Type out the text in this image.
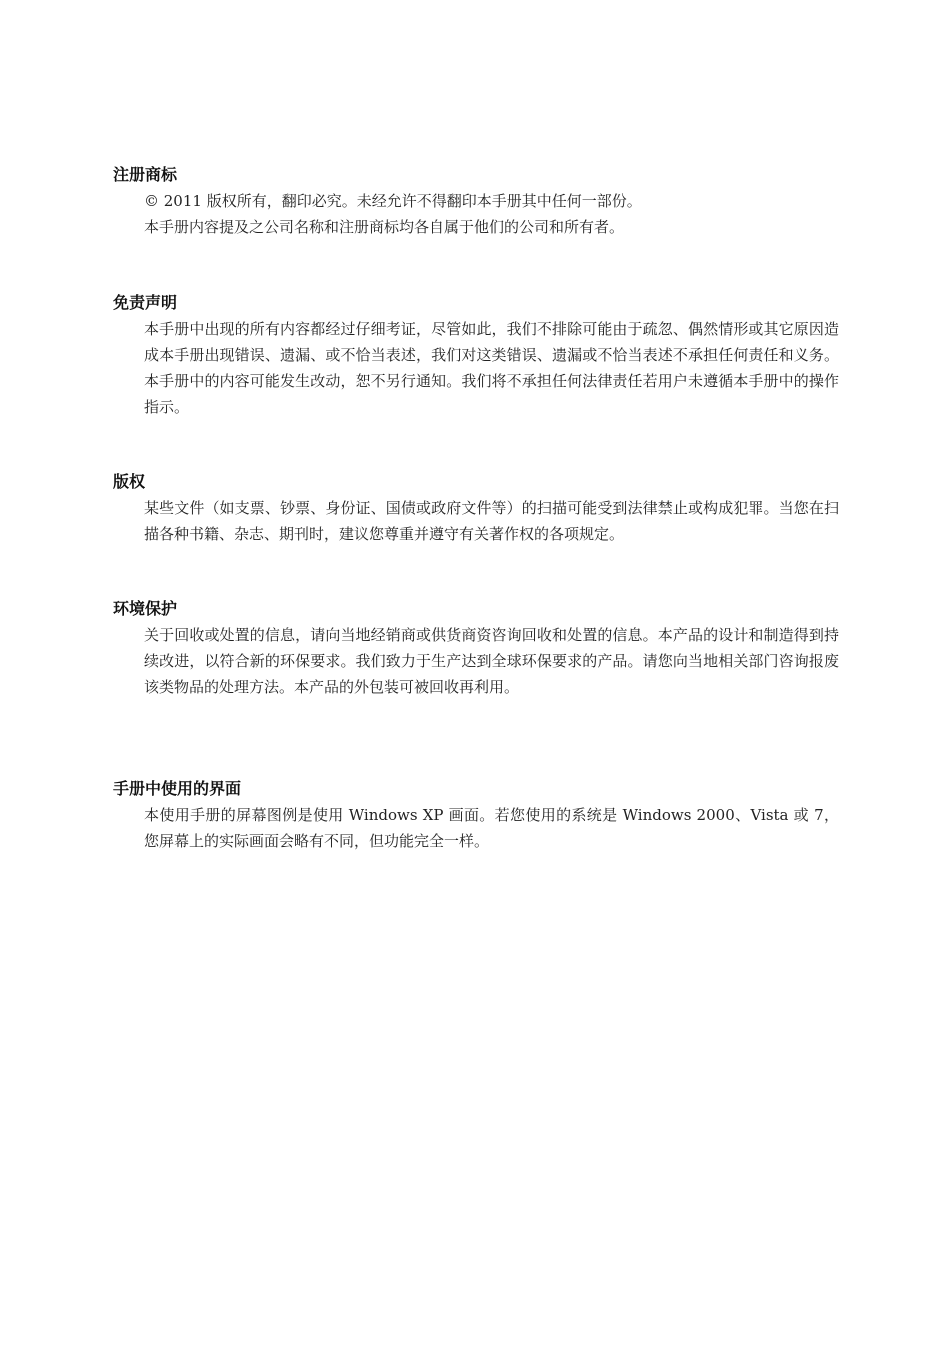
注册商标

© 2011 版权所有，翻印必究。未经允许不得翻印本手册其中任何一部份。

本手册内容提及之公司名称和注册商标均各自属于他们的公司和所有者。

免责声明

本手册中出现的所有内容都经过仔细考证，尽管如此，我们不排除可能由于疏忽、偶然情形或其它原因造成本手册出现错误、遗漏、或不恰当表述，我们对这类错误、遗漏或不恰当表述不承担任何责任和义务。本手册中的内容可能发生改动，恕不另行通知。我们将不承担任何法律责任若用户未遵循本手册中的操作指示。

版权

某些文件（如支票、钞票、身份证、国债或政府文件等）的扫描可能受到法律禁止或构成犯罪。当您在扫描各种书籍、杂志、期刊时，建议您尊重并遵守有关著作权的各项规定。

环境保护

关于回收或处置的信息，请向当地经销商或供货商资咨询回收和处置的信息。本产品的设计和制造得到持续改进，以符合新的环保要求。我们致力于生产达到全球环保要求的产品。请您向当地相关部门咨询报废该类物品的处理方法。本产品的外包装可被回收再利用。

手册中使用的界面

本使用手册的屏幕图例是使用 Windows XP 画面。若您使用的系统是 Windows 2000、Vista 或 7，您屏幕上的实际画面会略有不同，但功能完全一样。
